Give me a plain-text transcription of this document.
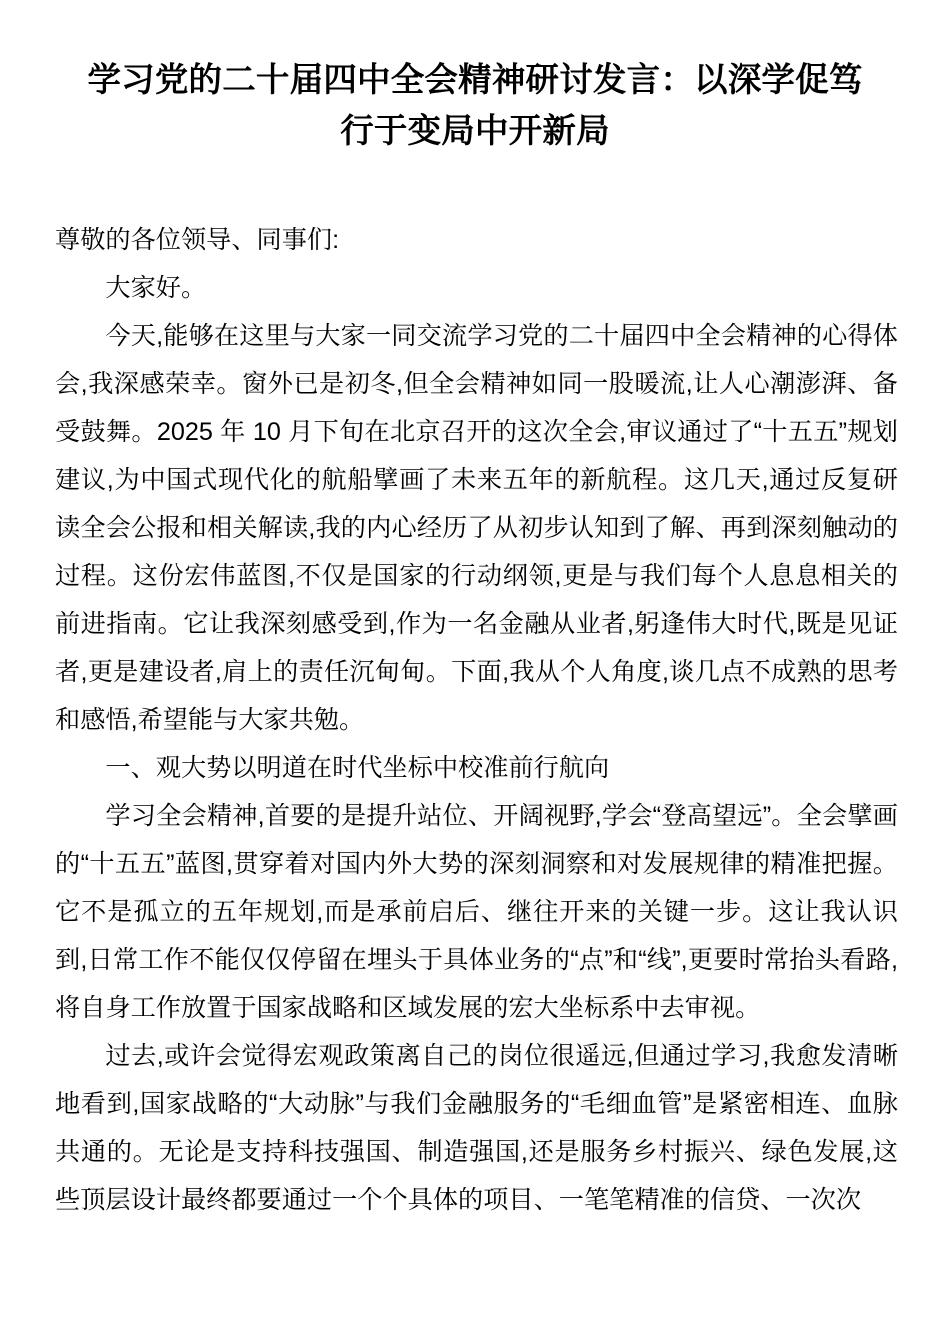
学习党的二十届四中全会精神研讨发言：以深学促笃
行于变局中开新局

尊敬的各位领导、同事们:

大家好。

今天,能够在这里与大家一同交流学习党的二十届四中全会精神的心得体会,我深感荣幸。窗外已是初冬,但全会精神如同一股暖流,让人心潮澎湃、备受鼓舞。2025 年 10 月下旬在北京召开的这次全会,审议通过了“十五五”规划建议,为中国式现代化的航船擘画了未来五年的新航程。这几天,通过反复研读全会公报和相关解读,我的内心经历了从初步认知到了解、再到深刻触动的过程。这份宏伟蓝图,不仅是国家的行动纲领,更是与我们每个人息息相关的前进指南。它让我深刻感受到,作为一名金融从业者,躬逢伟大时代,既是见证者,更是建设者,肩上的责任沉甸甸。下面,我从个人角度,谈几点不成熟的思考和感悟,希望能与大家共勉。

一、观大势以明道在时代坐标中校准前行航向

学习全会精神,首要的是提升站位、开阔视野,学会“登高望远”。全会擘画的“十五五”蓝图,贯穿着对国内外大势的深刻洞察和对发展规律的精准把握。它不是孤立的五年规划,而是承前启后、继往开来的关键一步。这让我认识到,日常工作不能仅仅停留在埋头于具体业务的“点”和“线”,更要时常抬头看路,将自身工作放置于国家战略和区域发展的宏大坐标系中去审视。

过去,或许会觉得宏观政策离自己的岗位很遥远,但通过学习,我愈发清晰地看到,国家战略的“大动脉”与我们金融服务的“毛细血管”是紧密相连、血脉共通的。无论是支持科技强国、制造强国,还是服务乡村振兴、绿色发展,这些顶层设计最终都要通过一个个具体的项目、一笔笔精准的信贷、一次次
